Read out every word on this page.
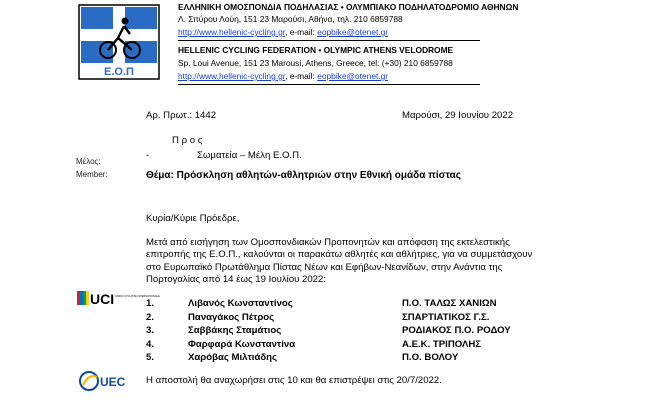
Ε.Ο.Π
ΕΛΛΗΝΙΚΗ ΟΜΟΣΠΟΝΔΙΑ ΠΟΔΗΛΑΣΙΑΣ • ΟΛΥΜΠΙΑΚΟ ΠΟΔΗΛΑΤΟΔΡΟΜΙΟ ΑΘΗΝΩΝ
Λ. Σπύρου Λούη, 151 23 Μαρούσι, Αθήνα, τηλ. 210 6859788
http://www.hellenic-cycling.gr, e-mail: eopbike@otenet.gr
HELLENIC CYCLING FEDERATION • OLYMPIC ATHENS VELODROME
Sp. Loui Avenue, 151 23 Marousi, Athens, Greece, tel: (+30) 210 6859788
http://www.hellenic-cycling.gr, e-mail: eopbike@otenet.gr
Αρ. Πρωτ.: 1442	Μαρούσι, 29 Ιουνίου 2022
Π ρ ο ς
-	Σωματεία – Μέλη Ε.Ο.Π.
Μέλος:
Member:	Θέμα: Πρόσκληση αθλητών-αθλητριών στην Εθνική ομάδα πίστας
Κυρία/Κύριε Πρόεδρε,
Μετά από εισήγηση των Ομοσπονδιακών Προπονητών και απόφαση της εκτελεστικής επιτροπής της Ε.Ο.Π., καλούνται οι παρακάτω αθλητές και αθλήτριες, για να συμμετάσχουν στο Ευρωπαϊκό Πρωτάθλημα Πίστας Νέων και Εφήβων-Νεανίδων, στην Ανάντια της Πορτογαλίας από 14 έως 19 Ιουλίου 2022:
1.	Λιβανός Κωνσταντίνος	Π.Ο. ΤΑΛΩΣ ΧΑΝΙΩΝ
2.	Παναγάκος Πέτρος	ΣΠΑΡΤΙΑΤΙΚΟΣ Γ.Σ.
3.	Σαββάκης Σταμάτιος	ΡΟΔΙΑΚΟΣ Π.Ο. ΡΟΔΟΥ
4.	Φαρφαρά Κωνσταντίνα	Α.Ε.Κ. ΤΡΙΠΟΛΗΣ
5.	Χαρόβας Μιλτιάδης	Π.Ο. ΒΟΛΟΥ
Η αποστολή θα αναχωρήσει στις 10 και θα επιστρέψει στις 20/7/2022.
UCI UNION CYCLISTE INTERNATIONALE
UEC
